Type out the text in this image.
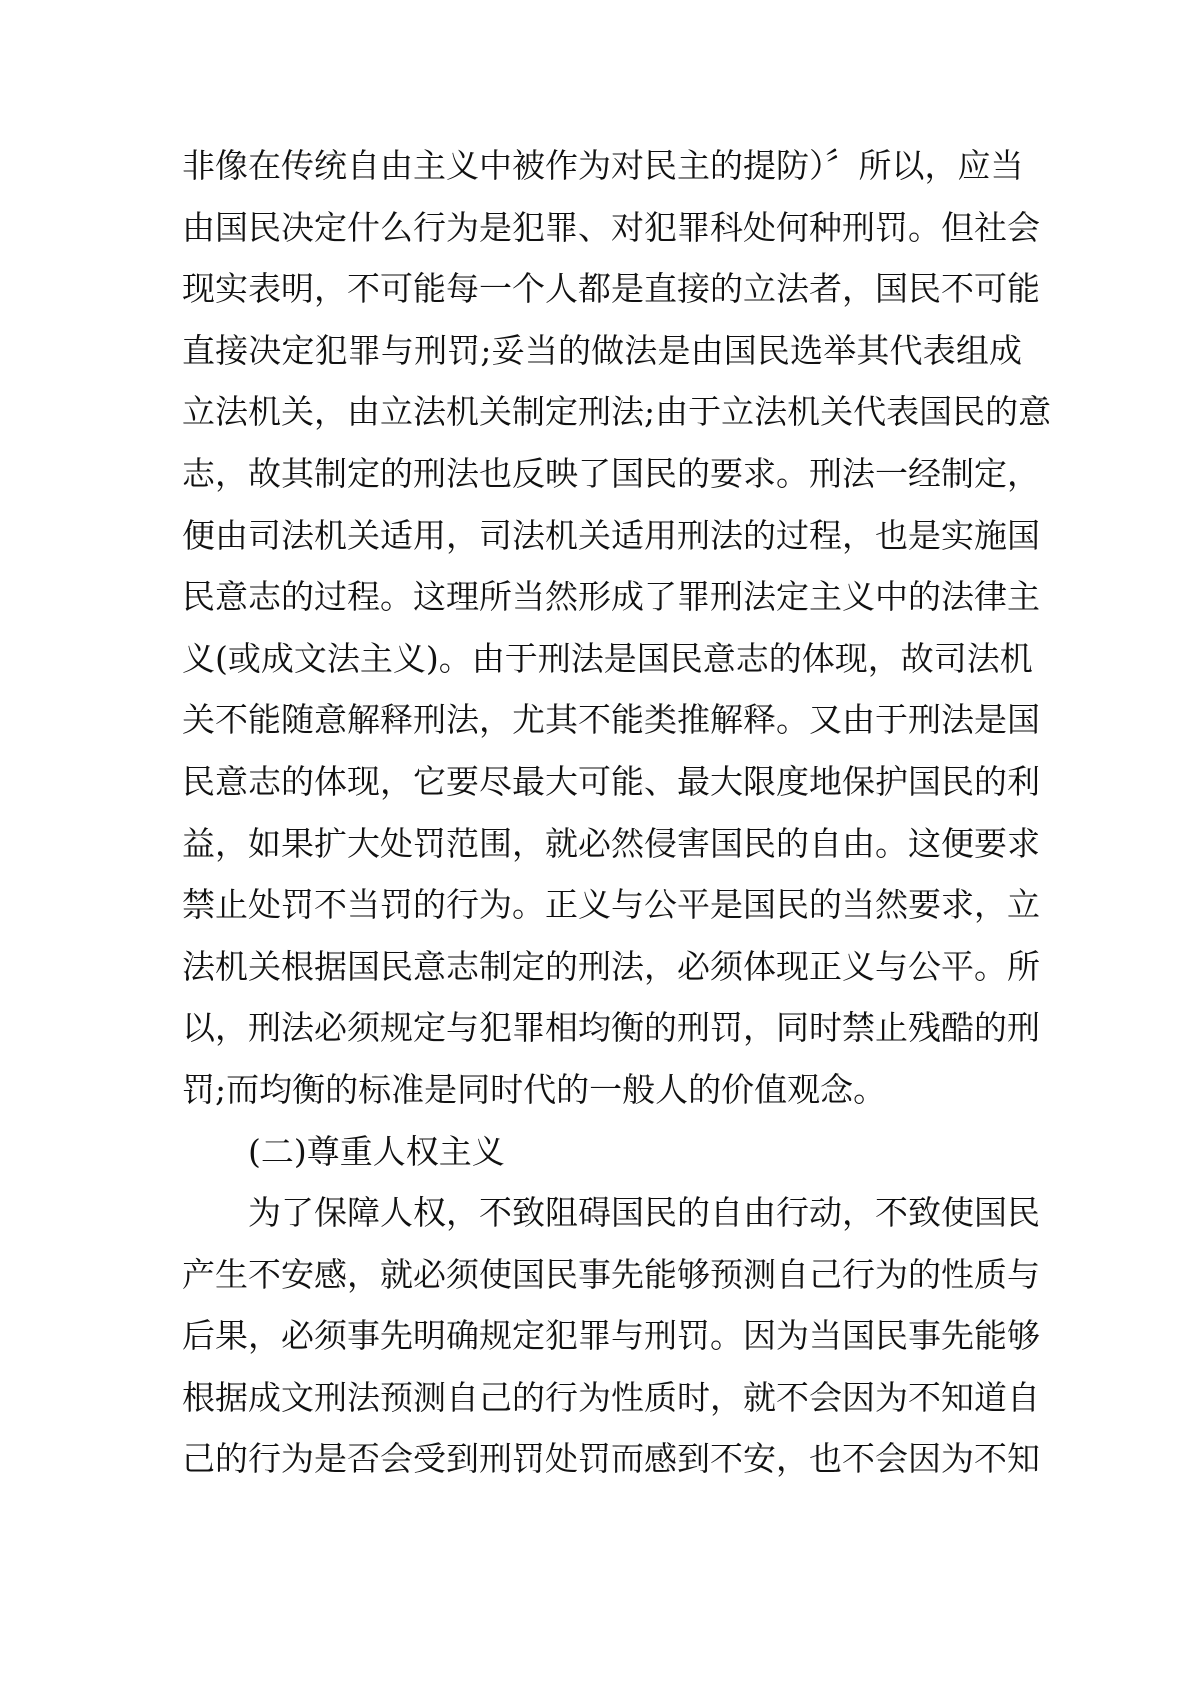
非像在传统自由主义中被作为对民主的提防）〞所以，应当
由国民决定什么行为是犯罪、对犯罪科处何种刑罚。但社会
现实表明，不可能每一个人都是直接的立法者，国民不可能
直接决定犯罪与刑罚;妥当的做法是由国民选举其代表组成
立法机关，由立法机关制定刑法;由于立法机关代表国民的意
志，故其制定的刑法也反映了国民的要求。刑法一经制定，
便由司法机关适用，司法机关适用刑法的过程，也是实施国
民意志的过程。这理所当然形成了罪刑法定主义中的法律主
义(或成文法主义)。由于刑法是国民意志的体现，故司法机
关不能随意解释刑法，尤其不能类推解释。又由于刑法是国
民意志的体现，它要尽最大可能、最大限度地保护国民的利
益，如果扩大处罚范围，就必然侵害国民的自由。这便要求
禁止处罚不当罚的行为。正义与公平是国民的当然要求，立
法机关根据国民意志制定的刑法，必须体现正义与公平。所
以，刑法必须规定与犯罪相均衡的刑罚，同时禁止残酷的刑
罚;而均衡的标准是同时代的一般人的价值观念。
(二)尊重人权主义
为了保障人权，不致阻碍国民的自由行动，不致使国民
产生不安感，就必须使国民事先能够预测自己行为的性质与
后果，必须事先明确规定犯罪与刑罚。因为当国民事先能够
根据成文刑法预测自己的行为性质时，就不会因为不知道自
己的行为是否会受到刑罚处罚而感到不安，也不会因为不知
